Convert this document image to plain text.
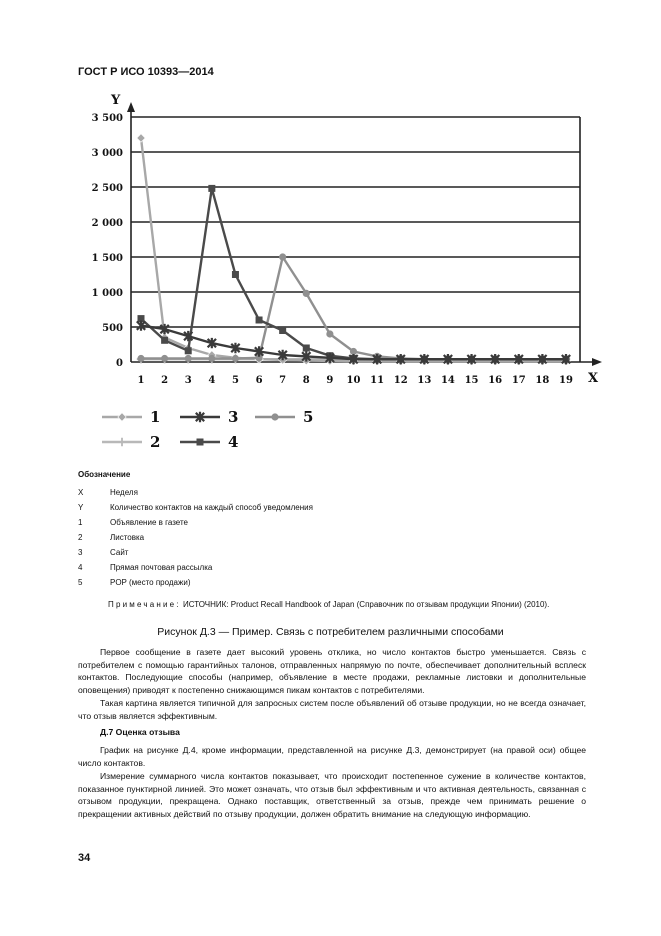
ГОСТ Р ИСО 10393—2014
0
500
1 000
1 500
2 000
2 500
3 000
3 500
Y
X
1 2 3 4 5 6 7 8 9 10 11 12 13 14 15 16 17 18 19
1	3	5
2	4
Обозначение
X	Неделя
Y	Количество контактов на каждый способ уведомления
1	Объявление в газете
2	Листовка
3	Сайт
4	Прямая почтовая рассылка
5	POP (место продажи)
Примечание: ИСТОЧНИК: Product Recall Handbook of Japan (Справочник по отзывам продукции Японии) (2010).
Рисунок Д.3 — Пример. Связь с потребителем различными способами
Первое сообщение в газете дает высокий уровень отклика, но число контактов быстро уменьшается. Связь с потребителем с помощью гарантийных талонов, отправленных напрямую по почте, обеспечивает дополнительный всплеск контактов. Последующие способы (например, объявление в месте продажи, рекламные листовки и дополнительные оповещения) приводят к постепенно снижающимся пикам контактов с потребителями.
Такая картина является типичной для запросных систем после объявлений об отзыве продукции, но не всегда означает, что отзыв является эффективным.
Д.7 Оценка отзыва
График на рисунке Д.4, кроме информации, представленной на рисунке Д.3, демонстрирует (на правой оси) общее число контактов.
Измерение суммарного числа контактов показывает, что происходит постепенное сужение в количестве контактов, показанное пунктирной линией. Это может означать, что отзыв был эффективным и что активная деятельность, связанная с отзывом продукции, прекращена. Однако поставщик, ответственный за отзыв, прежде чем принимать решение о прекращении активных действий по отзыву продукции, должен обратить внимание на следующую информацию.
34
